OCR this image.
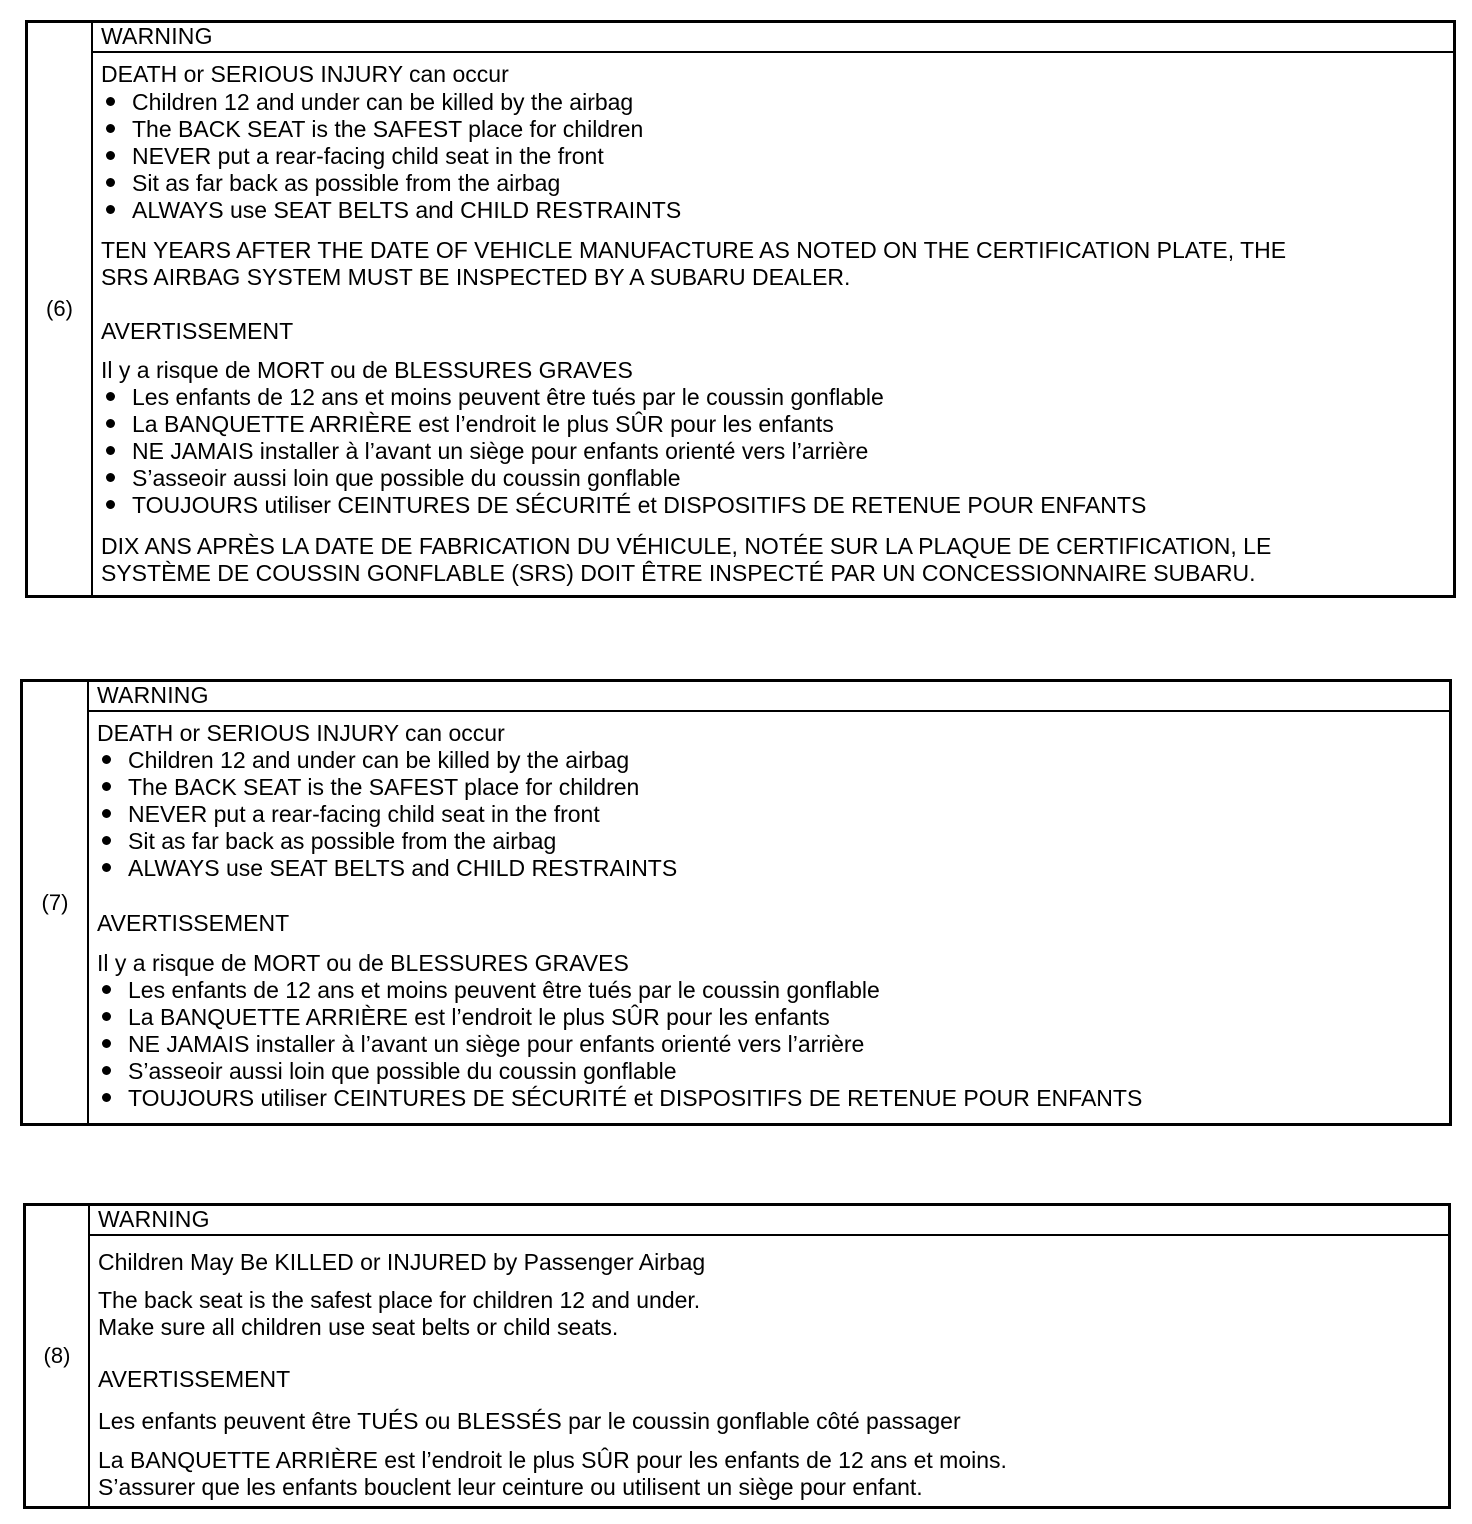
(6)
WARNING
DEATH or SERIOUS INJURY can occur
Children 12 and under can be killed by the airbag
The BACK SEAT is the SAFEST place for children
NEVER put a rear-facing child seat in the front
Sit as far back as possible from the airbag
ALWAYS use SEAT BELTS and CHILD RESTRAINTS
TEN YEARS AFTER THE DATE OF VEHICLE MANUFACTURE AS NOTED ON THE CERTIFICATION PLATE, THE
SRS AIRBAG SYSTEM MUST BE INSPECTED BY A SUBARU DEALER.
AVERTISSEMENT
Il y a risque de MORT ou de BLESSURES GRAVES
Les enfants de 12 ans et moins peuvent être tués par le coussin gonflable
La BANQUETTE ARRIÈRE est l’endroit le plus SÛR pour les enfants
NE JAMAIS installer à l’avant un siège pour enfants orienté vers l’arrière
S’asseoir aussi loin que possible du coussin gonflable
TOUJOURS utiliser CEINTURES DE SÉCURITÉ et DISPOSITIFS DE RETENUE POUR ENFANTS
DIX ANS APRÈS LA DATE DE FABRICATION DU VÉHICULE, NOTÉE SUR LA PLAQUE DE CERTIFICATION, LE
SYSTÈME DE COUSSIN GONFLABLE (SRS) DOIT ÊTRE INSPECTÉ PAR UN CONCESSIONNAIRE SUBARU.
(7)
WARNING
DEATH or SERIOUS INJURY can occur
Children 12 and under can be killed by the airbag
The BACK SEAT is the SAFEST place for children
NEVER put a rear-facing child seat in the front
Sit as far back as possible from the airbag
ALWAYS use SEAT BELTS and CHILD RESTRAINTS
AVERTISSEMENT
Il y a risque de MORT ou de BLESSURES GRAVES
Les enfants de 12 ans et moins peuvent être tués par le coussin gonflable
La BANQUETTE ARRIÈRE est l’endroit le plus SÛR pour les enfants
NE JAMAIS installer à l’avant un siège pour enfants orienté vers l’arrière
S’asseoir aussi loin que possible du coussin gonflable
TOUJOURS utiliser CEINTURES DE SÉCURITÉ et DISPOSITIFS DE RETENUE POUR ENFANTS
(8)
WARNING
Children May Be KILLED or INJURED by Passenger Airbag
The back seat is the safest place for children 12 and under.
Make sure all children use seat belts or child seats.
AVERTISSEMENT
Les enfants peuvent être TUÉS ou BLESSÉS par le coussin gonflable côté passager
La BANQUETTE ARRIÈRE est l’endroit le plus SÛR pour les enfants de 12 ans et moins.
S’assurer que les enfants bouclent leur ceinture ou utilisent un siège pour enfant.
